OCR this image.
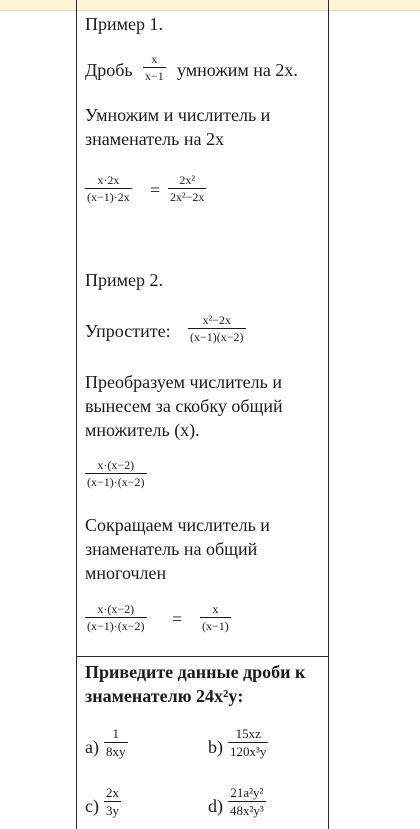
Пример 1.
Дробь
x
x−1 умножим на 2x.
Умножим и числитель и
знаменатель на 2x
x·2x
(x−1)·2x = 2x²
2x²−2x
Пример 2.
Упростите:
x²−2x
(x−1)(x−2)
Преобразуем числитель и
вынесем за скобку общий
множитель (x).
x·(x−2)
(x−1)·(x−2)
Сокращаем числитель и
знаменатель на общий
многочлен
x·(x−2)
(x−1)·(x−2) =	x
(x−1)
Приведите данные дроби к
знаменателю 24x²y:
a)
1
8xy	b)
15xz
120x³y
c)
2x
3y	d)
21a²y²
48x²y³
